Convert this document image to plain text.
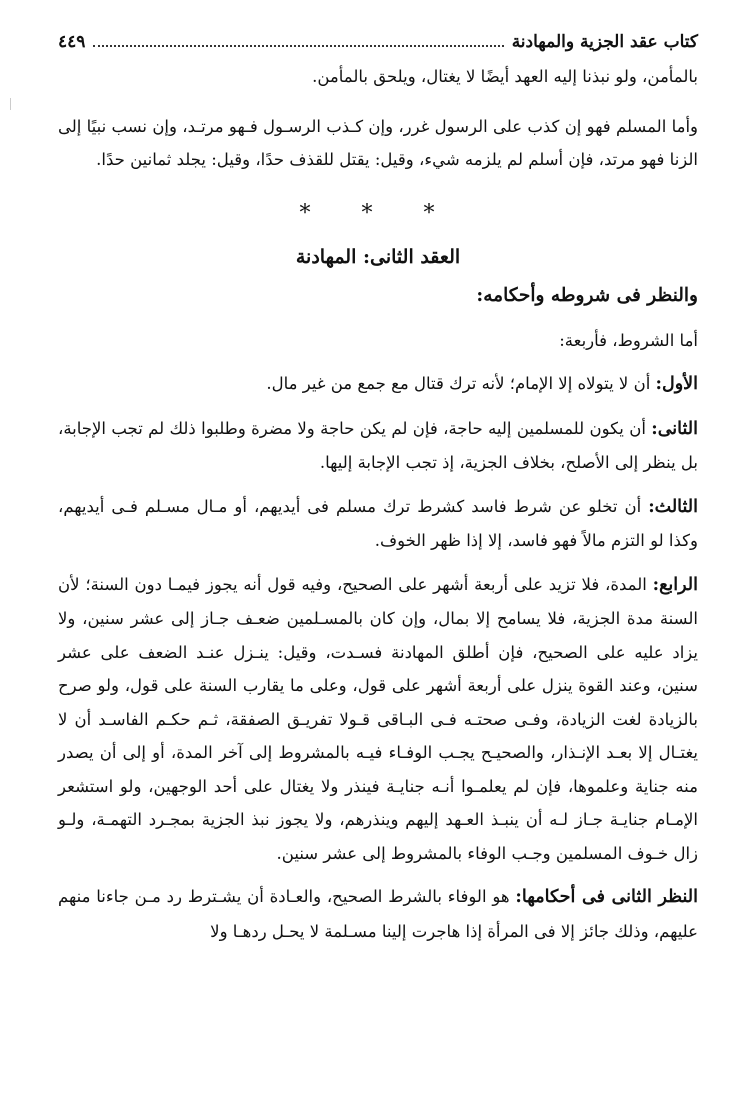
كتاب عقد الجزية والمهادنة
٤٤٩

بالمأمن، ولو نبذنا إليه العهد أيضًا لا يغتال، ويلحق بالمأمن.

وأما المسلم فهو إن كذب على الرسول غرر، وإن كـذب الرسـول فـهو مرتـد، وإن نسب نبيًا إلى الزنا فهو مرتد، فإن أسلم لم يلزمه شيء، وقيل: يقتل للقذف حدًا، وقيل: يجلد ثمانين حدًا.

* * *
العقد الثانى: المهادنة
والنظر فى شروطه وأحكامه:

أما الشروط، فأربعة:

الأول: أن لا يتولاه إلا الإمام؛ لأنه ترك قتال مع جمع من غير مال.

الثانى: أن يكون للمسلمين إليه حاجة، فإن لم يكن حاجة ولا مضرة وطلبوا ذلك لم تجب الإجابة، بل ينظر إلى الأصلح، بخلاف الجزية، إذ تجب الإجابة إليها.

الثالث: أن تخلو عن شرط فاسد كشرط ترك مسلم فى أيديهم، أو مـال مسـلم فـى أيديهم، وكذا لو التزم مالاً فهو فاسد، إلا إذا ظهر الخوف.

الرابع: المدة، فلا تزيد على أربعة أشهر على الصحيح، وفيه قول أنه يجوز فيمـا دون السنة؛ لأن السنة مدة الجزية، فلا يسامح إلا بمال، وإن كان بالمسـلمين ضعـف جـاز إلى عشر سنين، ولا يزاد عليه على الصحيح، فإن أطلق المهادنة فسـدت، وقيل: ينـزل عنـد الضعف على عشر سنين، وعند القوة ينزل على أربعة أشهر على قول، وعلى ما يقارب السنة على قول، ولو صرح بالزيادة لغت الزيادة، وفـى صحتـه فـى البـاقى قـولا تفريـق الصفقة، ثـم حكـم الفاسـد أن لا يغتـال إلا بعـد الإنـذار، والصحيـح يجـب الوفـاء فيـه بالمشروط إلى آخر المدة، أو إلى أن يصدر منه جناية وعلموها، فإن لم يعلمـوا أنـه جنايـة فينذر ولا يغتال على أحد الوجهين، ولو استشعر الإمـام جنايـة جـاز لـه أن ينبـذ العـهد إليهم وينذرهم، ولا يجوز نبذ الجزية بمجـرد التهمـة، ولـو زال خـوف المسلمين وجـب الوفاء بالمشروط إلى عشر سنين.

النظر الثانى فى أحكامها: هو الوفاء بالشرط الصحيح، والعـادة أن يشـترط رد مـن جاءنا منهم عليهم، وذلك جائز إلا فى المرأة إذا هاجرت إلينا مسـلمة لا يحـل ردهـا ولا
